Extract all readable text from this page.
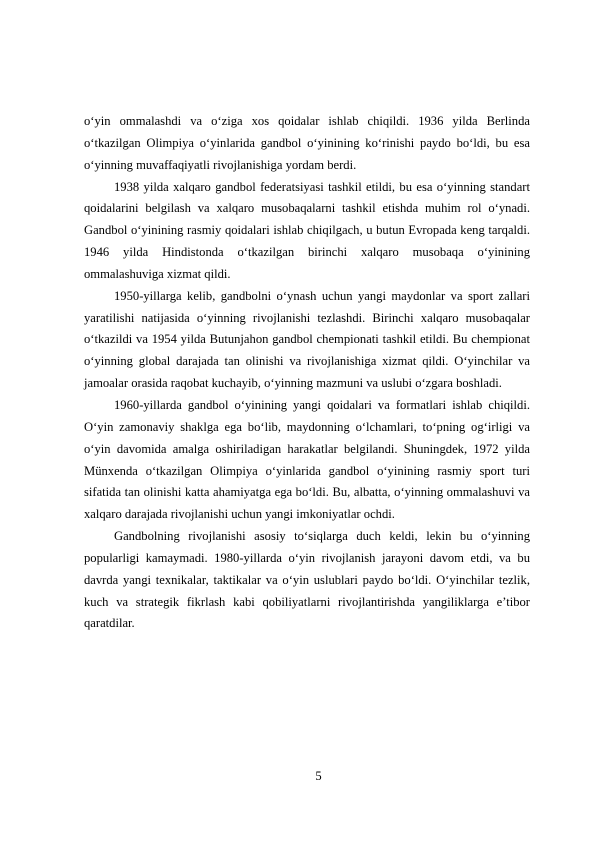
o‘yin ommalashdi va o‘ziga xos qoidalar ishlab chiqildi. 1936 yilda Berlinda o‘tkazilgan Olimpiya o‘yinlarida gandbol o‘yinining ko‘rinishi paydo bo‘ldi, bu esa o‘yinning muvaffaqiyatli rivojlanishiga yordam berdi.

1938 yilda xalqaro gandbol federatsiyasi tashkil etildi, bu esa o‘yinning standart qoidalarini belgilash va xalqaro musobaqalarni tashkil etishda muhim rol o‘ynadi. Gandbol o‘yinining rasmiy qoidalari ishlab chiqilgach, u butun Evropada keng tarqaldi. 1946 yilda Hindistonda o‘tkazilgan birinchi xalqaro musobaqa o‘yinining ommalashuviga xizmat qildi.

1950-yillarga kelib, gandbolni o‘ynash uchun yangi maydonlar va sport zallari yaratilishi natijasida o‘yinning rivojlanishi tezlashdi. Birinchi xalqaro musobaqalar o‘tkazildi va 1954 yilda Butunjahon gandbol chempionati tashkil etildi. Bu chempionat o‘yinning global darajada tan olinishi va rivojlanishiga xizmat qildi. O‘yinchilar va jamoalar orasida raqobat kuchayib, o‘yinning mazmuni va uslubi o‘zgara boshladi.

1960-yillarda gandbol o‘yinining yangi qoidalari va formatlari ishlab chiqildi. O‘yin zamonaviy shaklga ega bo‘lib, maydonning o‘lchamlari, to‘pning og‘irligi va o‘yin davomida amalga oshiriladigan harakatlar belgilandi. Shuningdek, 1972 yilda Münxenda o‘tkazilgan Olimpiya o‘yinlarida gandbol o‘yinining rasmiy sport turi sifatida tan olinishi katta ahamiyatga ega bo‘ldi. Bu, albatta, o‘yinning ommalashuvi va xalqaro darajada rivojlanishi uchun yangi imkoniyatlar ochdi.

Gandbolning rivojlanishi asosiy to‘siqlarga duch keldi, lekin bu o‘yinning popularligi kamaymadi. 1980-yillarda o‘yin rivojlanish jarayoni davom etdi, va bu davrda yangi texnikalar, taktikalar va o‘yin uslublari paydo bo‘ldi. O‘yinchilar tezlik, kuch va strategik fikrlash kabi qobiliyatlarni rivojlantirishda yangiliklarga e’tibor qaratdilar.

5
